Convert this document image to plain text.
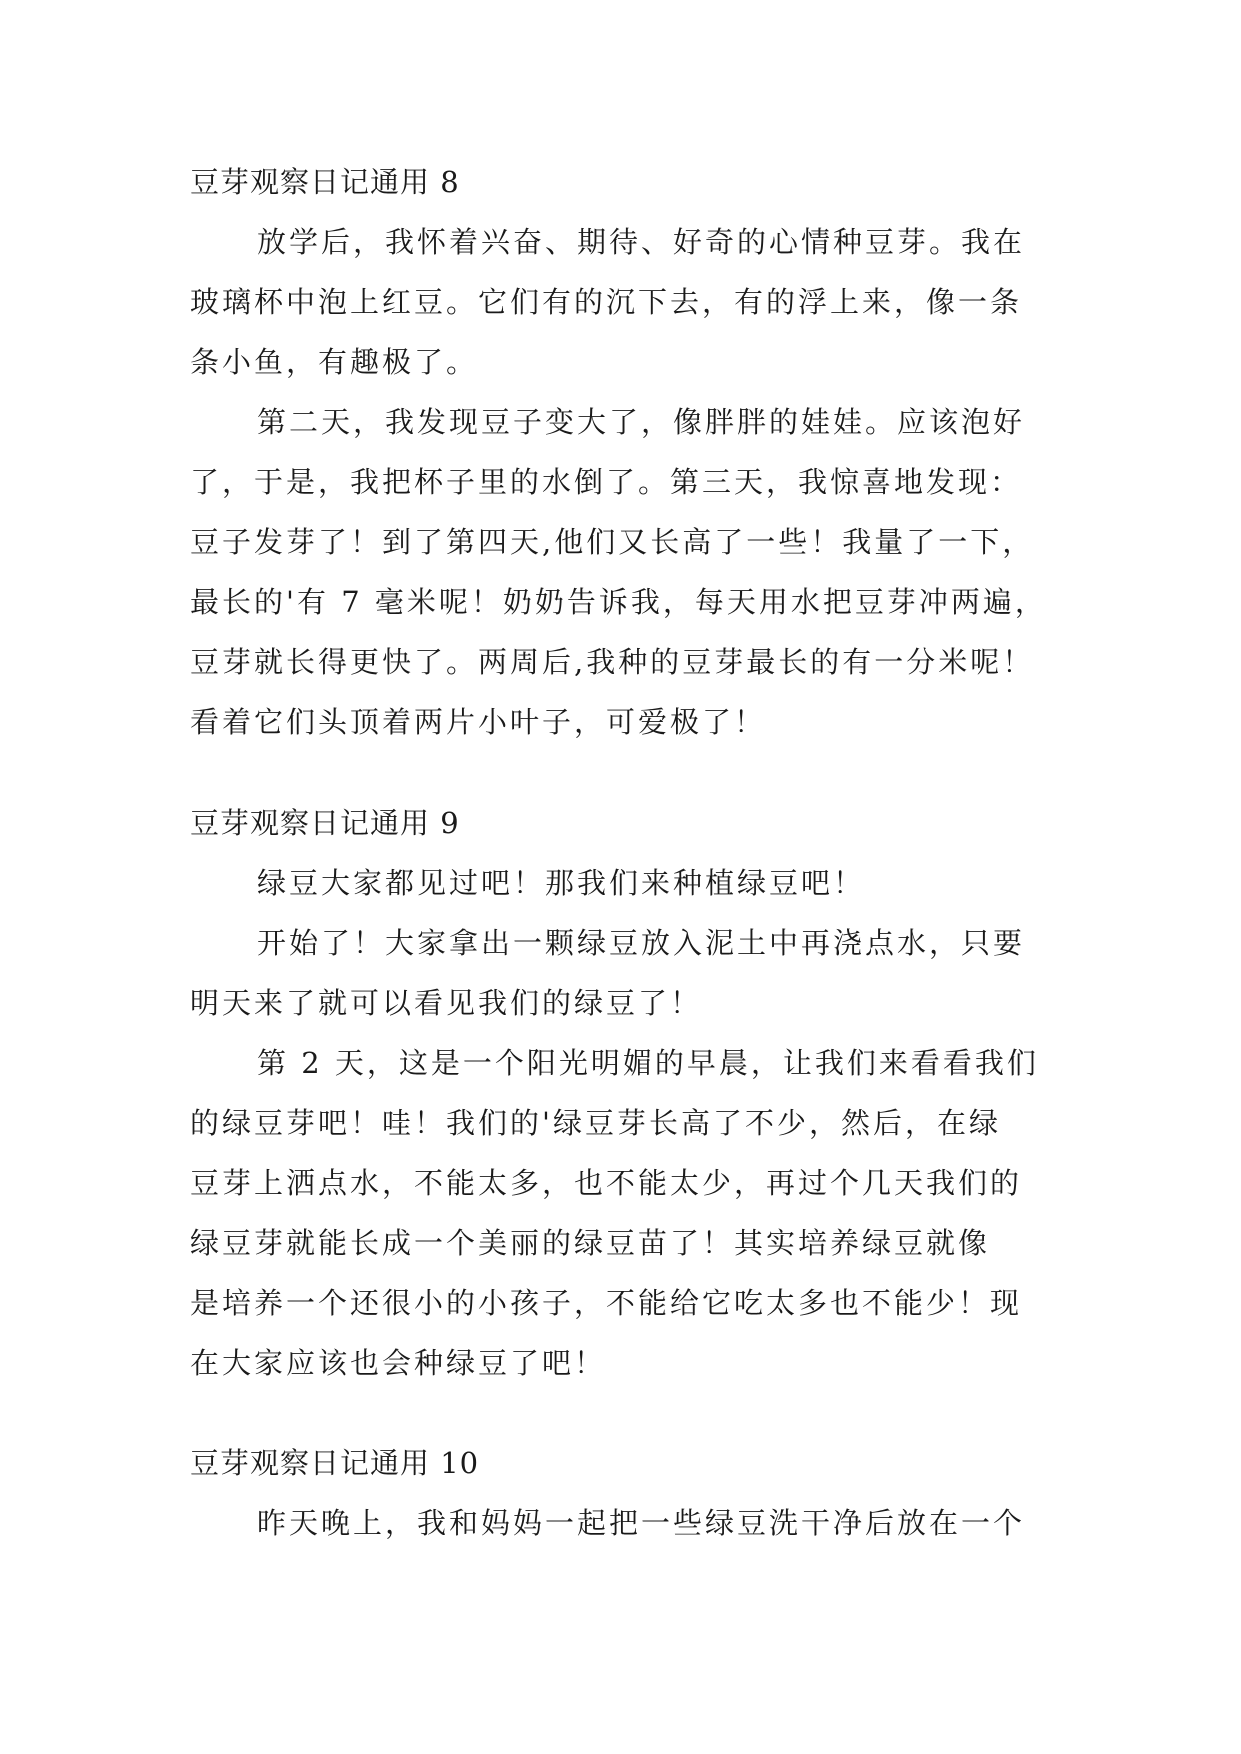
豆芽观察日记通用 8
放学后，我怀着兴奋、期待、好奇的心情种豆芽。我在
玻璃杯中泡上红豆。它们有的沉下去，有的浮上来，像一条
条小鱼，有趣极了。
第二天，我发现豆子变大了，像胖胖的娃娃。应该泡好
了，于是，我把杯子里的水倒了。第三天，我惊喜地发现：
豆子发芽了！到了第四天,他们又长高了一些！我量了一下，
最长的'有 7 毫米呢！奶奶告诉我，每天用水把豆芽冲两遍，
豆芽就长得更快了。两周后,我种的豆芽最长的有一分米呢！
看着它们头顶着两片小叶子，可爱极了！
豆芽观察日记通用 9
绿豆大家都见过吧！那我们来种植绿豆吧！
开始了！大家拿出一颗绿豆放入泥土中再浇点水，只要
明天来了就可以看见我们的绿豆了！
第 2 天，这是一个阳光明媚的早晨，让我们来看看我们
的绿豆芽吧！哇！我们的'绿豆芽长高了不少，然后，在绿
豆芽上洒点水，不能太多，也不能太少，再过个几天我们的
绿豆芽就能长成一个美丽的绿豆苗了！其实培养绿豆就像
是培养一个还很小的小孩子，不能给它吃太多也不能少！现
在大家应该也会种绿豆了吧！
豆芽观察日记通用 10
昨天晚上，我和妈妈一起把一些绿豆洗干净后放在一个
